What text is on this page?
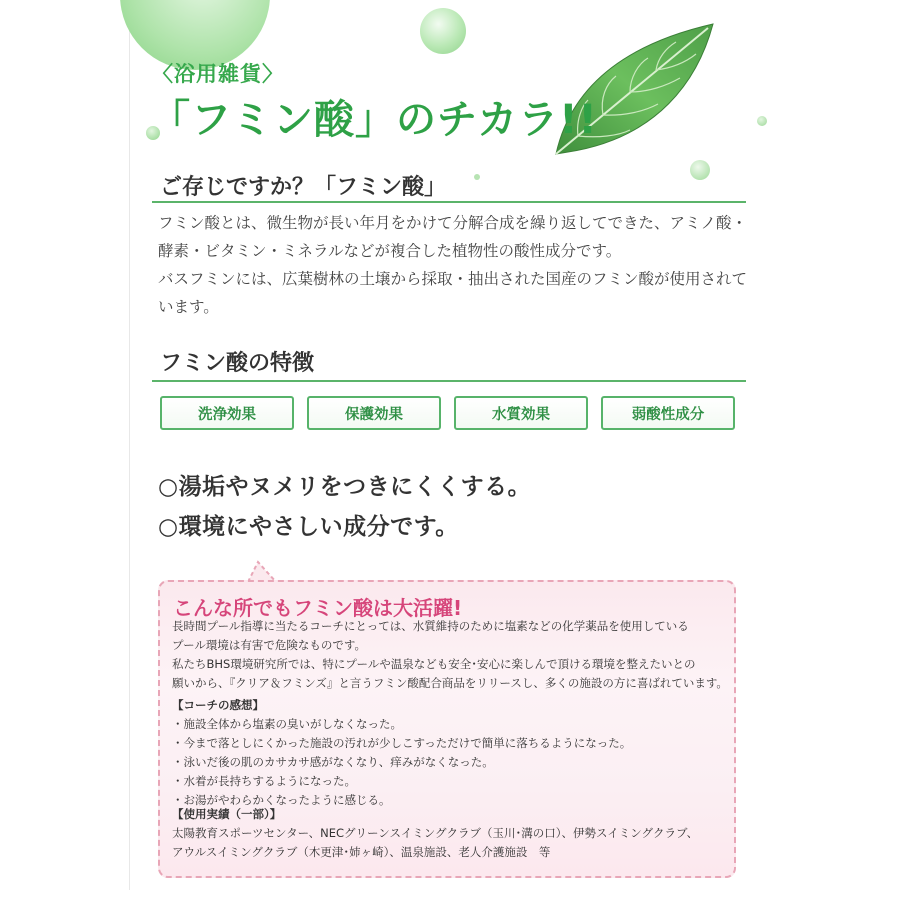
〈浴用雑貨〉
「フミン酸」のチカラ!!
ご存じですか？「フミン酸」

フミン酸とは、微生物が長い年月をかけて分解合成を繰り返してできた、アミノ酸・酵素・ビタミン・ミネラルなどが複合した植物性の酸性成分です。

バスフミンには、広葉樹林の土壌から採取・抽出された国産のフミン酸が使用されています。

フミン酸の特徴
洗浄効果	保護効果	水質効果	弱酸性成分
○湯垢やヌメリをつきにくくする。
○環境にやさしい成分です。
こんな所でもフミン酸は大活躍!

長時間プール指導に当たるコーチにとっては、水質維持のために塩素などの化学薬品を使用している

プール環境は有害で危険なものです。

私たちBHS環境研究所では、特にプールや温泉なども安全･安心に楽しんで頂ける環境を整えたいとの

願いから、『クリア＆フミンズ』と言うフミン酸配合商品をリリースし、多くの施設の方に喜ばれています。

【コーチの感想】

・施設全体から塩素の臭いがしなくなった。

・今まで落としにくかった施設の汚れが少しこすっただけで簡単に落ちるようになった。

・泳いだ後の肌のカサカサ感がなくなり、痒みがなくなった。

・水着が長持ちするようになった。

・お湯がやわらかくなったように感じる。

【使用実績（一部）】

太陽教育スポーツセンター、NECグリーンスイミングクラブ（玉川･溝の口）、伊勢スイミングクラブ、

アウルスイミングクラブ（木更津･姉ヶ崎）、温泉施設、老人介護施設　等
